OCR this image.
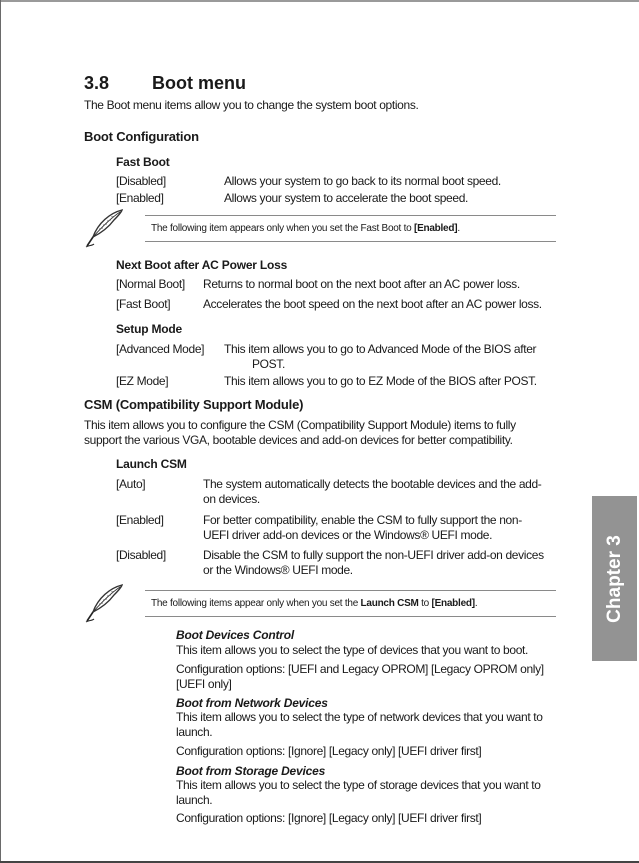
3.8 Boot menu
The Boot menu items allow you to change the system boot options.
Boot Configuration
Fast Boot
[Disabled]	Allows your system to go back to its normal boot speed.
[Enabled]	Allows your system to accelerate the boot speed.
The following item appears only when you set the Fast Boot to [Enabled].
Next Boot after AC Power Loss
[Normal Boot] Returns to normal boot on the next boot after an AC power loss.
[Fast Boot]	Accelerates the boot speed on the next boot after an AC power loss.
Setup Mode
[Advanced Mode] This item allows you to go to Advanced Mode of the BIOS after
POST.
[EZ Mode]	This item allows you to go to EZ Mode of the BIOS after POST.
CSM (Compatibility Support Module)
This item allows you to configure the CSM (Compatibility Support Module) items to fully
support the various VGA, bootable devices and add-on devices for better compatibility.
Launch CSM
[Auto]	The system automatically detects the bootable devices and the add-
on devices.
[Enabled]	For better compatibility, enable the CSM to fully support the non-
UEFI driver add-on devices or the Windows® UEFI mode.
[Disabled]	Disable the CSM to fully support the non-UEFI driver add-on devices
or the Windows® UEFI mode.
The following items appear only when you set the Launch CSM to [Enabled].
Boot Devices Control
This item allows you to select the type of devices that you want to boot.
Configuration options: [UEFI and Legacy OPROM] [Legacy OPROM only]
[UEFI only]
Boot from Network Devices
This item allows you to select the type of network devices that you want to
launch.
Configuration options: [Ignore] [Legacy only] [UEFI driver first]
Boot from Storage Devices
This item allows you to select the type of storage devices that you want to
launch.
Configuration options: [Ignore] [Legacy only] [UEFI driver first]
Chapter 3
